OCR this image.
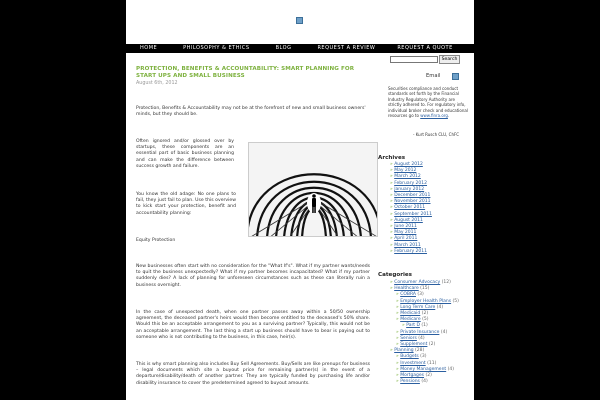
HOME	PHILOSOPHY & ETHICS	BLOG	REQUEST A REVIEW	REQUEST A QUOTE
PROTECTION, BENEFITS & ACCOUNTABILITY: SMART PLANNING FOR START UPS AND SMALL BUSINESS
August 6th, 2012
Protection, Benefits & Accountability may not be at the forefront of new and small business owners' minds, but they should be.
Often ignored and/or glossed over by startups, these components are an essential part of basic business planning and can make the difference between success growth and failure.
You know the old adage: No one plans to fail, they just fail to plan. Use this overview to kick start your protection, benefit and accountability planning:
Equity Protection
New businesses often start with no consideration for the "What If's". What if my partner wants/needs to quit the business unexpectedly? What if my partner becomes incapacitated? What if my partner suddenly dies? A lack of planning for unforeseen circumstances such as these can literally ruin a business overnight.
In the case of unexpected death, when one partner passes away within a 50/50 ownership agreement, the deceased partner's heirs would then become entitled to the deceased's 50% share. Would this be an acceptable arrangement to you as a surviving partner? Typically, this would not be an acceptable arrangement. The last thing a start up business should have to bear is paying out to someone who is not contributing to the business, in this case, heir(s).
This is why smart planning also includes Buy Sell Agreements. Buy/Sells are like prenups for business – legal documents which site a buyout price for remaining partner(s) in the event of a departure/disability/death of another partner. They are typically funded by purchasing life and/or disability insurance to cover the predetermined agreed to buyout amounts.
Search
Email
Securities compliance and conduct standards set forth by the Financial Industry Regulatory Authority are strictly adhered to. For regulatory info, individual broker check and educational resources go to www.finra.org.
- Kurt Rusch CLU, ChFC
Archives
» August 2012
» May 2012
» March 2012
» February 2012
» January 2012
» December 2011
» November 2011
» October 2011
» September 2011
» August 2011
» June 2011
» May 2011
» April 2011
» March 2011
» February 2011
Categories
» Consumer Advocacy (12)
» Healthcare (15)
» COBRA (3)
» Employer Health Plans (5)
» Long Term Care (4)
» Medicaid (2)
» Medicare (5)
» Part D (1)
» Private Insurance (4)
» Seniors (4)
» Supplement (2)
» Planning (28)
» Budgets (3)
» Investment (11)
» Money Management (4)
» Mortgages (2)
» Pensions (4)
